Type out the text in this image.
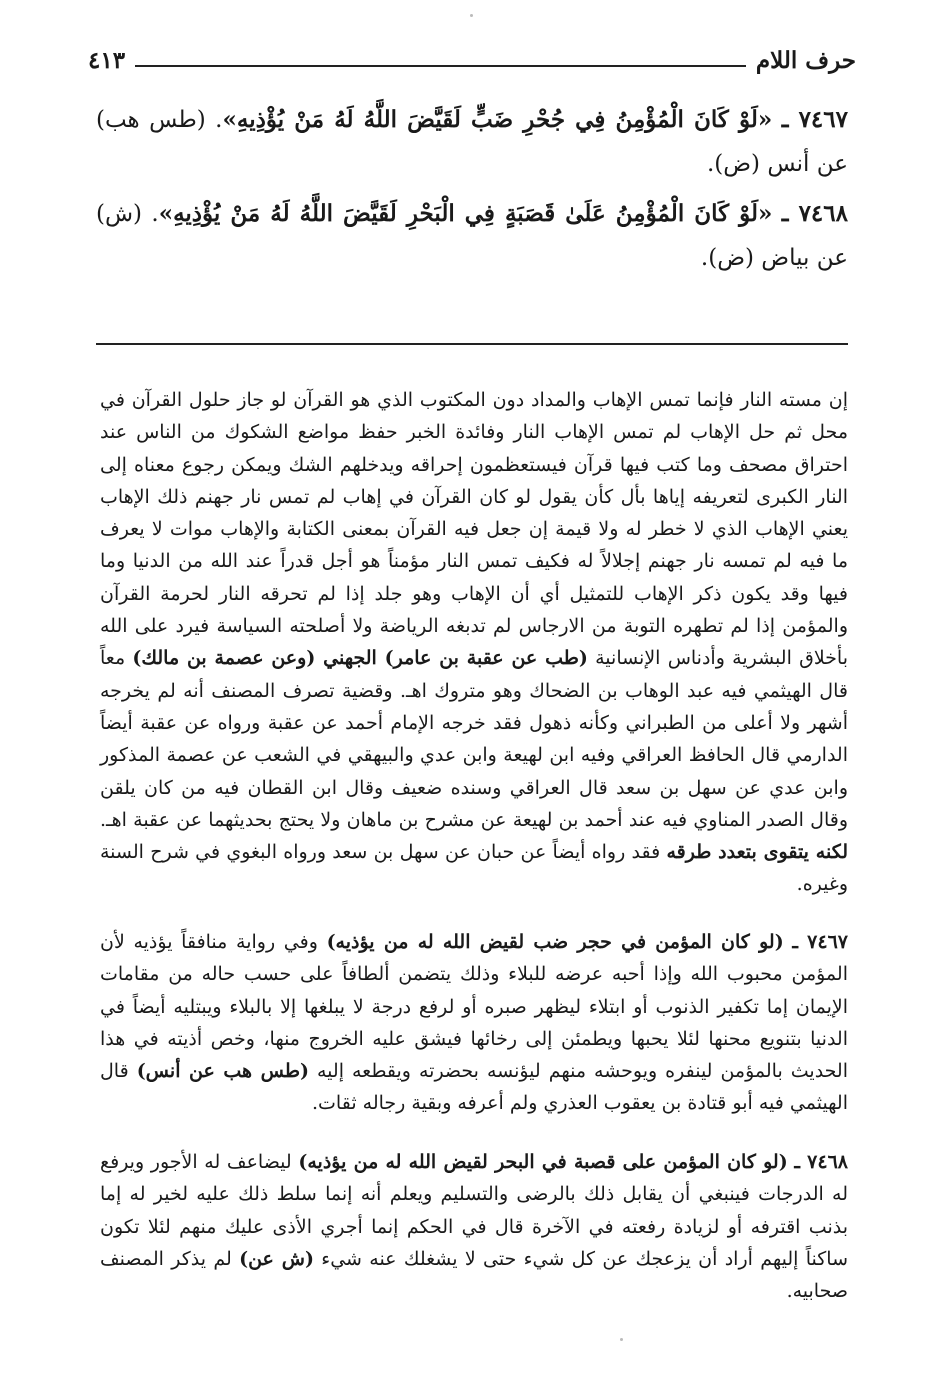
حرف اللام
٤١٣
٧٤٦٧ ـ «لَوْ كَانَ الْمُؤْمِنُ فِي جُحْرِ ضَبٍّ لَقَيَّضَ اللَّهُ لَهُ مَنْ يُؤْذِيهِ». (طس هب) عن أنس (ض).
٧٤٦٨ ـ «لَوْ كَانَ الْمُؤْمِنُ عَلَىٰ قَصَبَةٍ فِي الْبَحْرِ لَقَيَّضَ اللَّهُ لَهُ مَنْ يُؤْذِيهِ». (ش) عن بياض (ض).

إن مسته النار فإنما تمس الإهاب والمداد دون المكتوب الذي هو القرآن لو جاز حلول القرآن في محل ثم حل الإهاب لم تمس الإهاب النار وفائدة الخبر حفظ مواضع الشكوك من الناس عند احتراق مصحف وما كتب فيها قرآن فيستعظمون إحراقه ويدخلهم الشك ويمكن رجوع معناه إلى النار الكبرى لتعريفه إياها بأل كأن يقول لو كان القرآن في إهاب لم تمس نار جهنم ذلك الإهاب يعني الإهاب الذي لا خطر له ولا قيمة إن جعل فيه القرآن بمعنى الكتابة والإهاب موات لا يعرف ما فيه لم تمسه نار جهنم إجلالاً له فكيف تمس النار مؤمناً هو أجل قدراً عند الله من الدنيا وما فيها وقد يكون ذكر الإهاب للتمثيل أي أن الإهاب وهو جلد إذا لم تحرقه النار لحرمة القرآن والمؤمن إذا لم تطهره التوبة من الارجاس لم تدبغه الرياضة ولا أصلحته السياسة فيرد على الله بأخلاق البشرية وأدناس الإنسانية (طب عن عقبة بن عامر) الجهني (وعن عصمة بن مالك) معاً قال الهيثمي فيه عبد الوهاب بن الضحاك وهو متروك اهـ. وقضية تصرف المصنف أنه لم يخرجه أشهر ولا أعلى من الطبراني وكأنه ذهول فقد خرجه الإمام أحمد عن عقبة ورواه عن عقبة أيضاً الدارمي قال الحافظ العراقي وفيه ابن لهيعة وابن عدي والبيهقي في الشعب عن عصمة المذكور وابن عدي عن سهل بن سعد قال العراقي وسنده ضعيف وقال ابن القطان فيه من كان يلقن وقال الصدر المناوي فيه عند أحمد بن لهيعة عن مشرح بن ماهان ولا يحتج بحديثهما عن عقبة اهـ. لكنه يتقوى بتعدد طرقه فقد رواه أيضاً عن حبان عن سهل بن سعد ورواه البغوي في شرح السنة وغيره.

٧٤٦٧ ـ (لو كان المؤمن في حجر ضب لقيض الله له من يؤذيه) وفي رواية منافقاً يؤذيه لأن المؤمن محبوب الله وإذا أحبه عرضه للبلاء وذلك يتضمن ألطافاً على حسب حاله من مقامات الإيمان إما تكفير الذنوب أو ابتلاء ليظهر صبره أو لرفع درجة لا يبلغها إلا بالبلاء ويبتليه أيضاً في الدنيا بتنويع محنها لئلا يحبها ويطمئن إلى رخائها فيشق عليه الخروج منها، وخص أذيته في هذا الحديث بالمؤمن لينفره ويوحشه منهم ليؤنسه بحضرته ويقطعه إليه (طس هب عن أنس) قال الهيثمي فيه أبو قتادة بن يعقوب العذري ولم أعرفه وبقية رجاله ثقات.

٧٤٦٨ ـ (لو كان المؤمن على قصبة في البحر لقيض الله له من يؤذيه) ليضاعف له الأجور ويرفع له الدرجات فينبغي أن يقابل ذلك بالرضى والتسليم ويعلم أنه إنما سلط ذلك عليه لخير له إما بذنب اقترفه أو لزيادة رفعته في الآخرة قال في الحكم إنما أجري الأذى عليك منهم لئلا تكون ساكناً إليهم أراد أن يزعجك عن كل شيء حتى لا يشغلك عنه شيء (ش عن) لم يذكر المصنف صحابيه.
